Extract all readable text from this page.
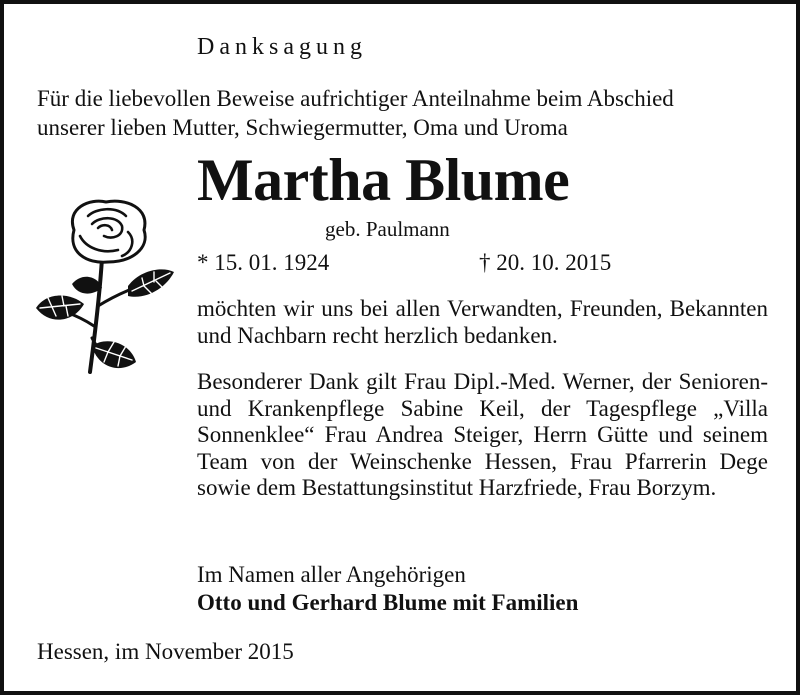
Danksagung
Für die liebevollen Beweise aufrichtiger Anteilnahme beim Abschied
unserer lieben Mutter, Schwiegermutter, Oma und Uroma
Martha Blume
geb. Paulmann
* 15. 01. 1924	† 20. 10. 2015
möchten wir uns bei allen Verwandten, Freunden, Bekannten und Nachbarn recht herzlich bedanken.
Besonderer Dank gilt Frau Dipl.-Med. Werner, der Senioren- und Krankenpflege Sabine Keil, der Tagespflege „Villa Sonnenklee“ Frau Andrea Steiger, Herrn Gütte und seinem Team von der Weinschenke Hessen, Frau Pfarrerin Dege sowie dem Bestattungsinstitut Harzfriede, Frau Borzym.
Im Namen aller Angehörigen
Otto und Gerhard Blume mit Familien
Hessen, im November 2015
